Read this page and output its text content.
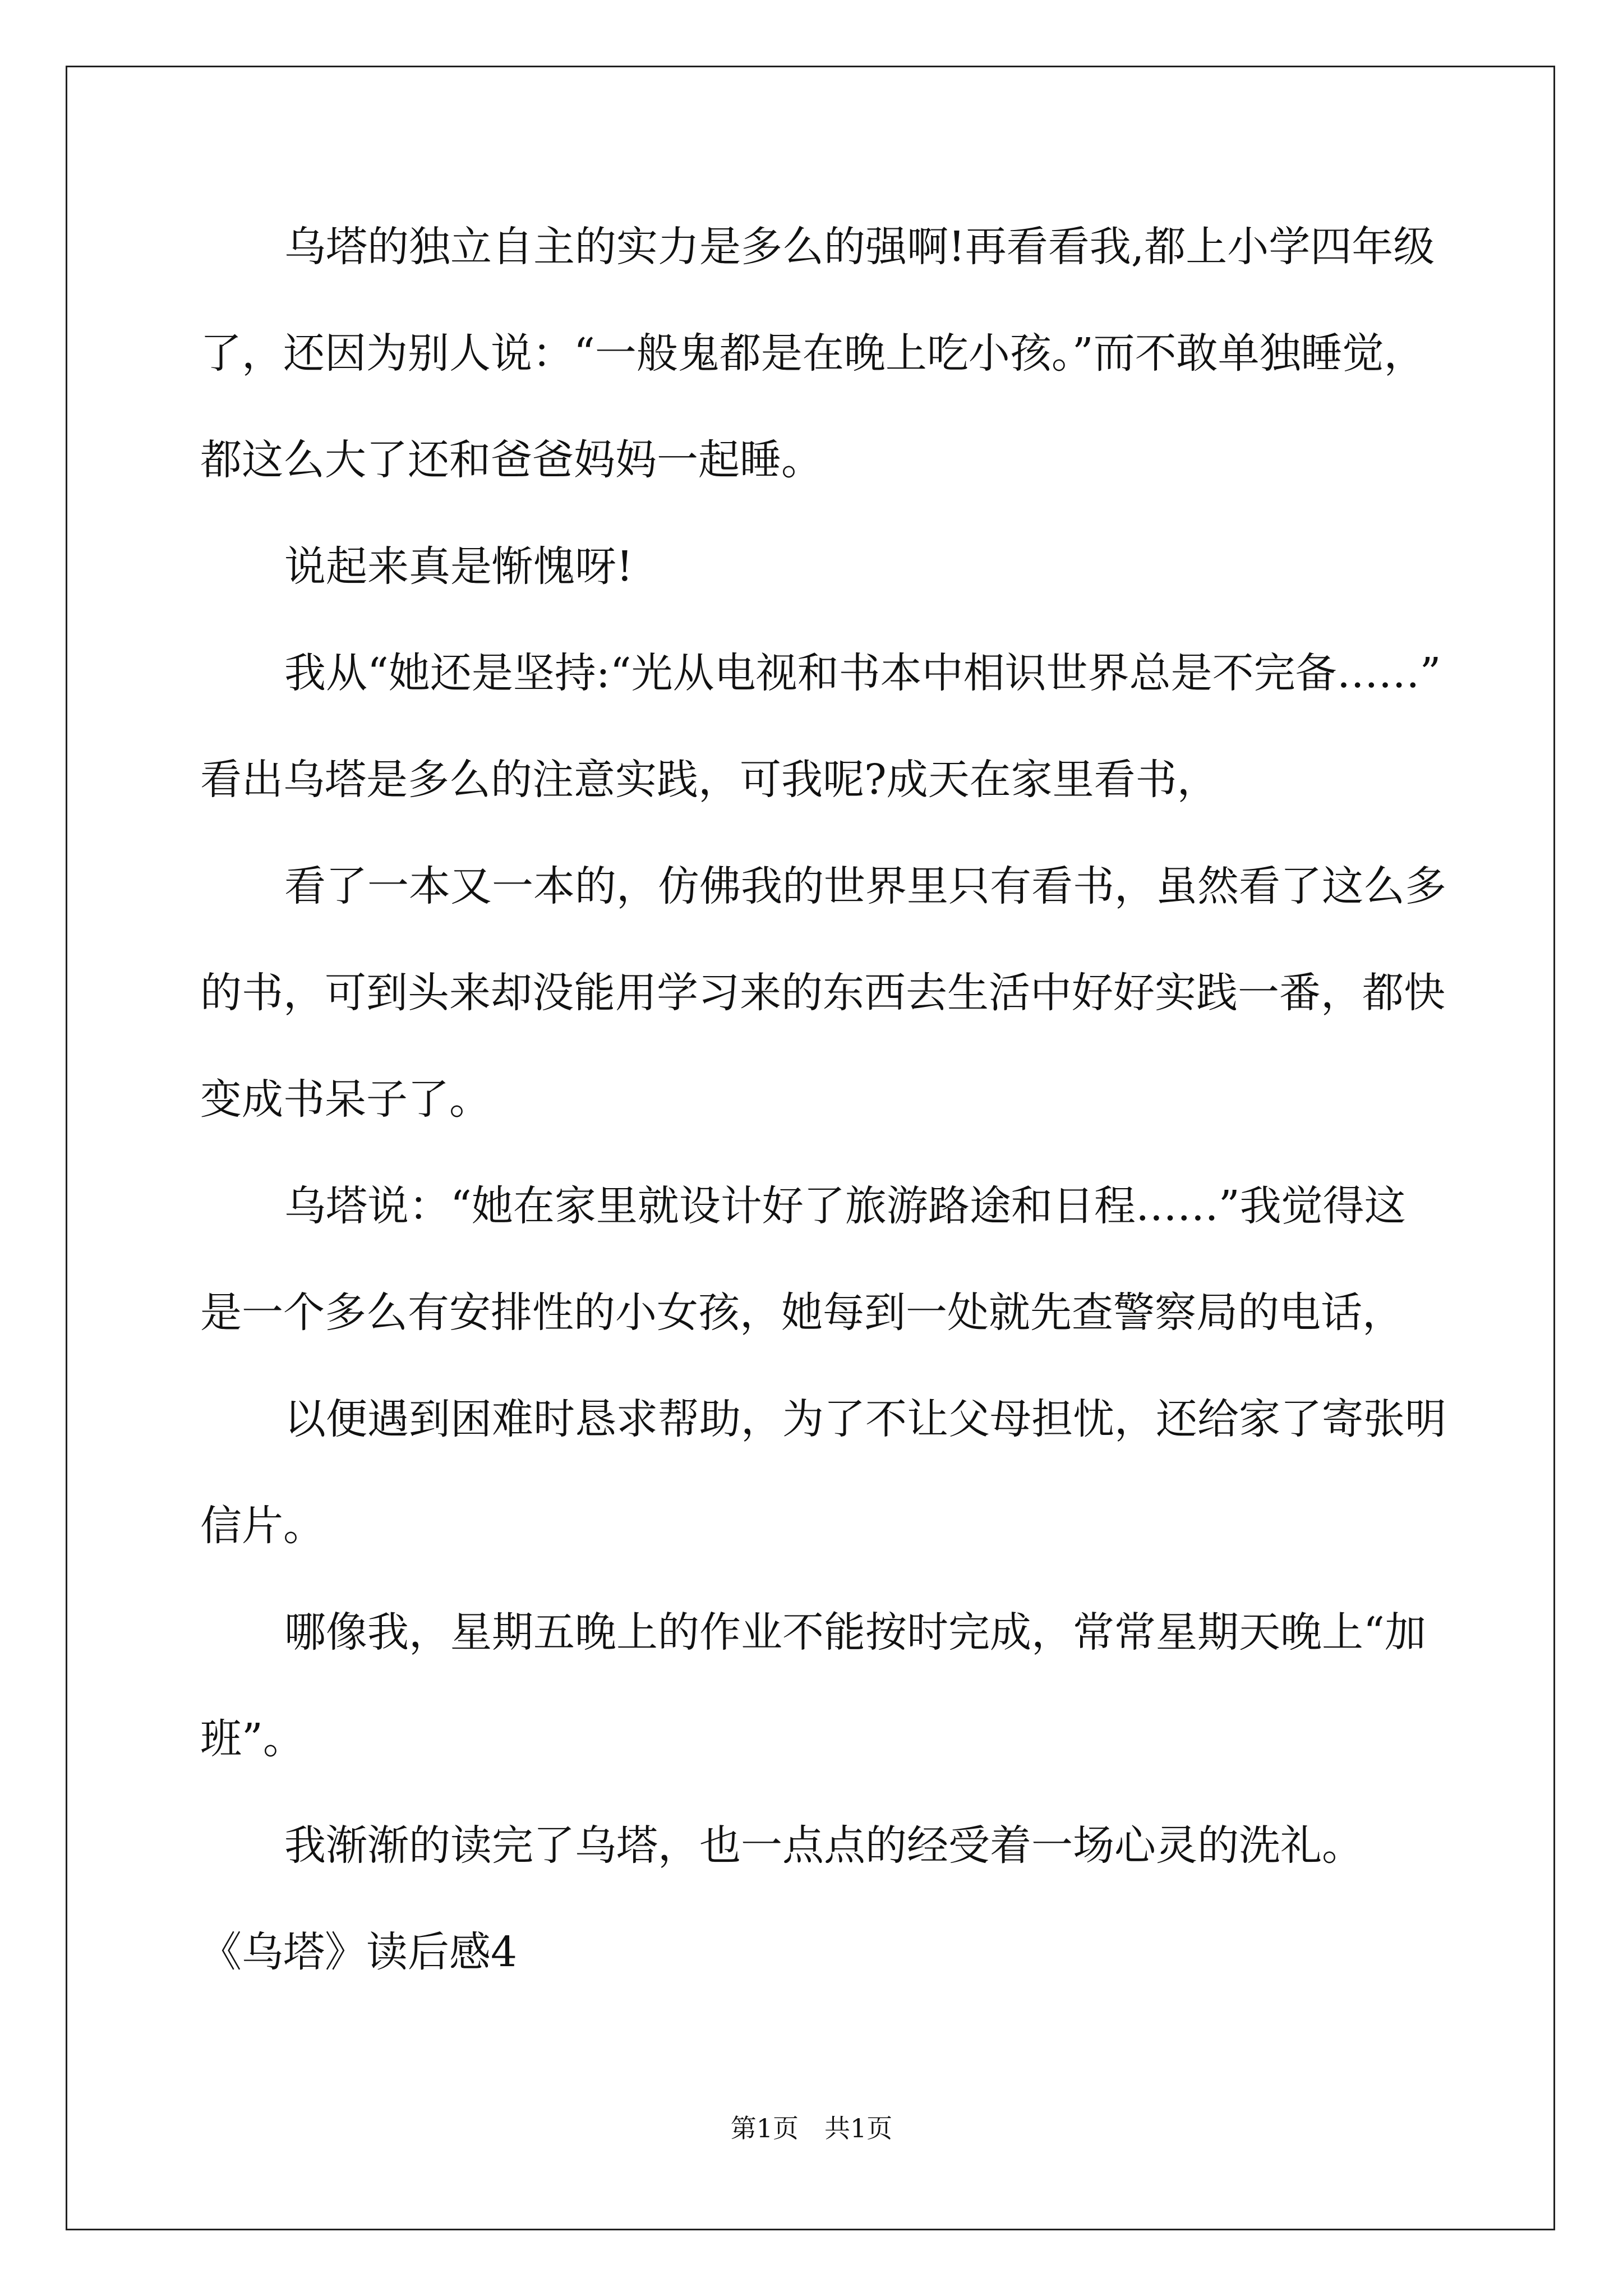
乌塔的独立自主的实力是多么的强啊!再看看我,都上小学四年级
了，还因为别人说：“一般鬼都是在晚上吃小孩。”而不敢单独睡觉，
都这么大了还和爸爸妈妈一起睡。
说起来真是惭愧呀!
我从“她还是坚持:“光从电视和书本中相识世界总是不完备……”
看出乌塔是多么的注意实践，可我呢?成天在家里看书，
看了一本又一本的，仿佛我的世界里只有看书，虽然看了这么多
的书，可到头来却没能用学习来的东西去生活中好好实践一番，都快
变成书呆子了。
乌塔说：“她在家里就设计好了旅游路途和日程……”我觉得这
是一个多么有安排性的小女孩，她每到一处就先查警察局的电话，
以便遇到困难时恳求帮助，为了不让父母担忧，还给家了寄张明
信片。
哪像我，星期五晚上的作业不能按时完成，常常星期天晚上“加
班”。
我渐渐的读完了乌塔，也一点点的经受着一场心灵的洗礼。
《乌塔》读后感4
第1页　共1页
